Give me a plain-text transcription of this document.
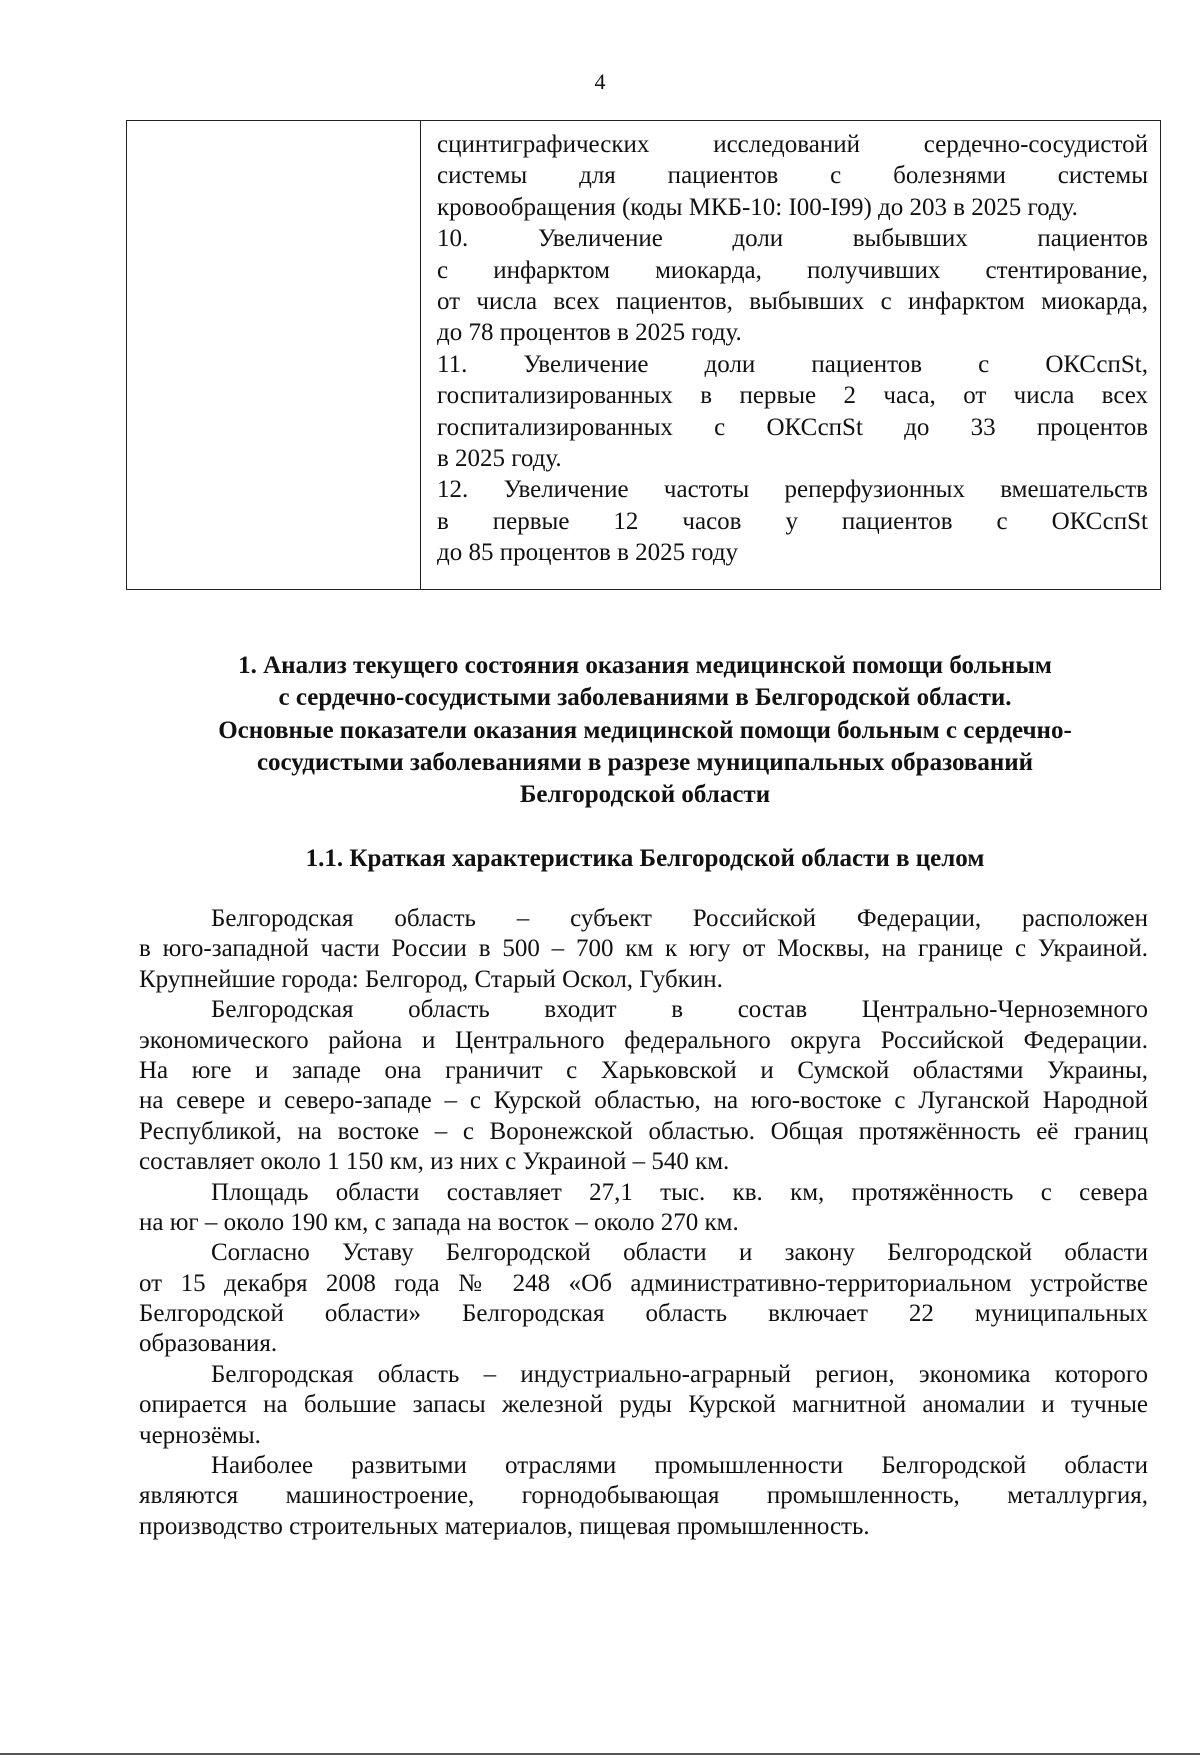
4
сцинтиграфических исследований сердечно-сосудистой
системы для пациентов с болезнями системы
кровообращения (коды МКБ-10: I00-I99) до 203 в 2025 году.
10. Увеличение доли выбывших пациентов
с инфарктом миокарда, получивших стентирование,
от числа всех пациентов, выбывших с инфарктом миокарда,
до 78 процентов в 2025 году.
11. Увеличение доли пациентов с ОКСспSt,
госпитализированных в первые 2 часа, от числа всех
госпитализированных с ОКСспSt до 33 процентов
в 2025 году.
12. Увеличение частоты реперфузионных вмешательств
в первые 12 часов у пациентов с ОКСспSt
до 85 процентов в 2025 году
1. Анализ текущего состояния оказания медицинской помощи больным
с сердечно-сосудистыми заболеваниями в Белгородской области.
Основные показатели оказания медицинской помощи больным с сердечно-
сосудистыми заболеваниями в разрезе муниципальных образований
Белгородской области
1.1. Краткая характеристика Белгородской области в целом
Белгородская область – субъект Российской Федерации, расположен
в юго-западной части России в 500 – 700 км к югу от Москвы, на границе с Украиной.
Крупнейшие города: Белгород, Старый Оскол, Губкин.
Белгородская область входит в состав Центрально-Черноземного
экономического района и Центрального федерального округа Российской Федерации.
На юге и западе она граничит с Харьковской и Сумской областями Украины,
на севере и северо-западе – с Курской областью, на юго-востоке с Луганской Народной
Республикой, на востоке – с Воронежской областью. Общая протяжённость её границ
составляет около 1 150 км, из них с Украиной – 540 км.
Площадь области составляет 27,1 тыс. кв. км, протяжённость с севера
на юг – около 190 км, с запада на восток – около 270 км.
Согласно Уставу Белгородской области и закону Белгородской области
от 15 декабря 2008 года № 248 «Об административно-территориальном устройстве
Белгородской области» Белгородская область включает 22 муниципальных
образования.
Белгородская область – индустриально-аграрный регион, экономика которого
опирается на большие запасы железной руды Курской магнитной аномалии и тучные
чернозёмы.
Наиболее развитыми отраслями промышленности Белгородской области
являются машиностроение, горнодобывающая промышленность, металлургия,
производство строительных материалов, пищевая промышленность.
